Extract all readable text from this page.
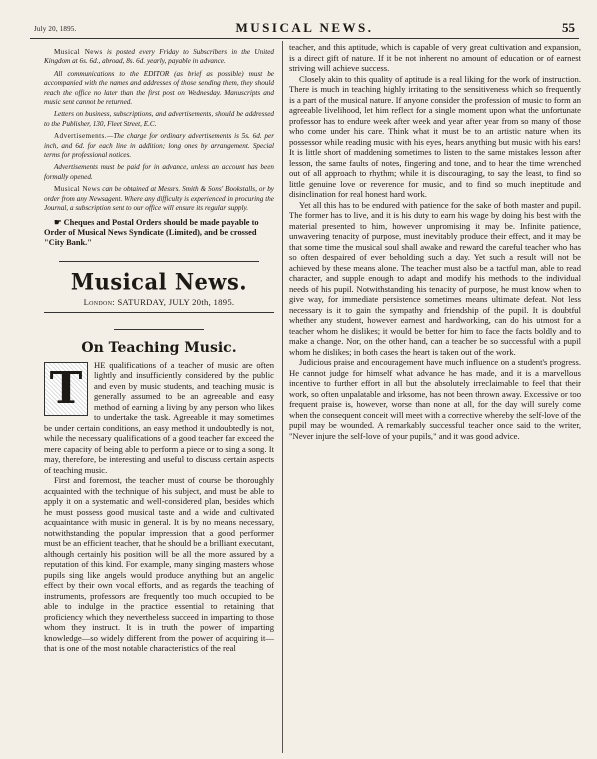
July 20, 1895.	MUSICAL NEWS.	55

Musical News is posted every Friday to Subscribers in the United Kingdom at 6s. 6d., abroad, 8s. 6d. yearly, payable in advance.

All communications to the EDITOR (as brief as possible) must be accompanied with the names and addresses of those sending them, they should reach the office no later than the first post on Wednesday. Manuscripts and music sent cannot be returned.

Letters on business, subscriptions, and advertisements, should be addressed to the Publisher, 130, Fleet Street, E.C.

Advertisements.—The charge for ordinary advertisements is 5s. 6d. per inch, and 6d. for each line in addition; long ones by arrangement. Special terms for professional notices.

Advertisements must be paid for in advance, unless an account has been formally opened.

Musical News can be obtained at Messrs. Smith & Sons' Bookstalls, or by order from any Newsagent. Where any difficulty is experienced in procuring the Journal, a subscription sent to our office will ensure its regular supply.

☛ Cheques and Postal Orders should be made payable to Order of Musical News Syndicate (Limited), and be crossed "City Bank."

Musical News.
London: SATURDAY, JULY 20th, 1895.
On Teaching Music.
T	HE qualifications of a teacher of music are often lightly and insufficiently considered by the public and even by music students, and teaching music is generally assumed to be an agreeable and easy method of earning a living by any person who likes to undertake the task. Agreeable it may sometimes be under certain conditions, an easy method it undoubtedly is not, while the necessary qualifications of a good teacher far exceed the mere capacity of being able to perform a piece or to sing a song. It may, therefore, be interesting and useful to discuss certain aspects of teaching music.

First and foremost, the teacher must of course be thoroughly acquainted with the technique of his subject, and must be able to apply it on a systematic and well-considered plan, besides which he must possess good musical taste and a wide and cultivated acquaintance with music in general. It is by no means necessary, notwithstanding the popular impression that a good performer must be an efficient teacher, that he should be a brilliant executant, although certainly his position will be all the more assured by a reputation of this kind. For example, many singing masters whose pupils sing like angels would produce anything but an angelic effect by their own vocal efforts, and as regards the teaching of instruments, professors are frequently too much occupied to be able to indulge in the practice essential to retaining that proficiency which they nevertheless succeed in imparting to those whom they instruct. It is in truth the power of imparting knowledge—so widely different from the power of acquiring it—that is one of the most notable characteristics of the real

teacher, and this aptitude, which is capable of very great cultivation and expansion, is a direct gift of nature. If it be not inherent no amount of education or of earnest striving will achieve success.

Closely akin to this quality of aptitude is a real liking for the work of instruction. There is much in teaching highly irritating to the sensitiveness which so frequently is a part of the musical nature. If anyone consider the profession of music to form an agreeable livelihood, let him reflect for a single moment upon what the unfortunate professor has to endure week after week and year after year from so many of those who come under his care. Think what it must be to an artistic nature when its possessor while reading music with his eyes, hears anything but music with his ears! It is little short of maddening sometimes to listen to the same mistakes lesson after lesson, the same faults of notes, fingering and tone, and to hear the time wrenched out of all approach to rhythm; while it is discouraging, to say the least, to find so little genuine love or reverence for music, and to find so much ineptitude and disinclination for real honest hard work.

Yet all this has to be endured with patience for the sake of both master and pupil. The former has to live, and it is his duty to earn his wage by doing his best with the material presented to him, however unpromising it may be. Infinite patience, unwavering tenacity of purpose, must inevitably produce their effect, and it may be that some time the musical soul shall awake and reward the careful teacher who has so often despaired of ever beholding such a day. Yet such a result will not be achieved by these means alone. The teacher must also be a tactful man, able to read character, and supple enough to adapt and modify his methods to the individual needs of his pupil. Notwithstanding his tenacity of purpose, he must know when to give way, for immediate persistence sometimes means ultimate defeat. Not less necessary is it to gain the sympathy and friendship of the pupil. It is doubtful whether any student, however earnest and hardworking, can do his utmost for a teacher whom he dislikes; it would be better for him to face the facts boldly and to make a change. Nor, on the other hand, can a teacher be so successful with a pupil whom he dislikes; in both cases the heart is taken out of the work.

Judicious praise and encouragement have much influence on a student's progress. He cannot judge for himself what advance he has made, and it is a marvellous incentive to further effort in all but the absolutely irreclaimable to feel that their work, so often unpalatable and irksome, has not been thrown away. Excessive or too frequent praise is, however, worse than none at all, for the day will surely come when the consequent conceit will meet with a corrective whereby the self-love of the pupil may be wounded. A remarkably successful teacher once said to the writer, "Never injure the self-love of your pupils," and it was good advice.
